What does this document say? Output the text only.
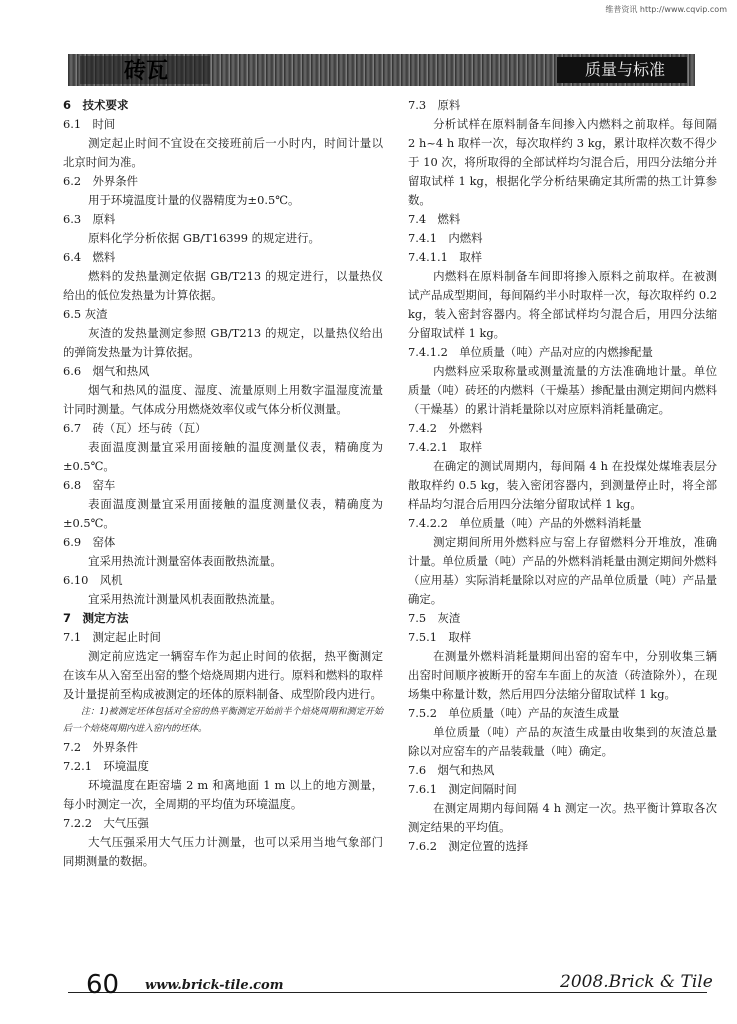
维普资讯 http://www.cqvip.com
砖瓦	质量与标准

6　技术要求

6.1　时间

测定起止时间不宜设在交接班前后一小时内，时间计量以北京时间为准。

6.2　外界条件

用于环境温度计量的仪器精度为±0.5℃。

6.3　原料

原料化学分析依据 GB/T16399 的规定进行。

6.4　燃料

燃料的发热量测定依据 GB/T213 的规定进行，以量热仪给出的低位发热量为计算依据。

6.5 灰渣

灰渣的发热量测定参照 GB/T213 的规定，以量热仪给出的弹筒发热量为计算依据。

6.6　烟气和热风

烟气和热风的温度、湿度、流量原则上用数字温湿度流量计同时测量。气体成分用燃烧效率仪或气体分析仪测量。

6.7　砖（瓦）坯与砖（瓦）

表面温度测量宜采用面接触的温度测量仪表，精确度为±0.5℃。

6.8　窑车

表面温度测量宜采用面接触的温度测量仪表，精确度为±0.5℃。

6.9　窑体

宜采用热流计测量窑体表面散热流量。

6.10　风机

宜采用热流计测量风机表面散热流量。

7　测定方法

7.1　测定起止时间

测定前应选定一辆窑车作为起止时间的依据，热平衡测定在该车从入窑至出窑的整个焙烧周期内进行。原料和燃料的取样及计量提前至构成被测定的坯体的原料制备、成型阶段内进行。

注：1)被测定坯体包括对全窑的热平衡测定开始前半个焙烧周期和测定开始后一个焙烧周期内进入窑内的坯体。

7.2　外界条件

7.2.1　环境温度

环境温度在距窑墙 2 m 和离地面 1 m 以上的地方测量，每小时测定一次，全周期的平均值为环境温度。

7.2.2　大气压强

大气压强采用大气压力计测量，也可以采用当地气象部门同期测量的数据。

7.3　原料

分析试样在原料制备车间掺入内燃料之前取样。每间隔 2 h~4 h 取样一次，每次取样约 3 kg，累计取样次数不得少于 10 次，将所取得的全部试样均匀混合后，用四分法缩分并留取试样 1 kg，根据化学分析结果确定其所需的热工计算参数。

7.4　燃料

7.4.1　内燃料

7.4.1.1　取样

内燃料在原料制备车间即将掺入原料之前取样。在被测试产品成型期间，每间隔约半小时取样一次，每次取样约 0.2 kg，装入密封容器内。将全部试样均匀混合后，用四分法缩分留取试样 1 kg。

7.4.1.2　单位质量（吨）产品对应的内燃掺配量

内燃料应采取称量或测量流量的方法准确地计量。单位质量（吨）砖坯的内燃料（干燥基）掺配量由测定期间内燃料（干燥基）的累计消耗量除以对应原料消耗量确定。

7.4.2　外燃料

7.4.2.1　取样

在确定的测试周期内，每间隔 4 h 在投煤处煤堆表层分散取样约 0.5 kg，装入密闭容器内，到测量停止时，将全部样品均匀混合后用四分法缩分留取试样 1 kg。

7.4.2.2　单位质量（吨）产品的外燃料消耗量

测定期间所用外燃料应与窑上存留燃料分开堆放，准确计量。单位质量（吨）产品的外燃料消耗量由测定期间外燃料（应用基）实际消耗量除以对应的产品单位质量（吨）产品量确定。

7.5　灰渣

7.5.1　取样

在测量外燃料消耗量期间出窑的窑车中，分别收集三辆出窑时间顺序被断开的窑车车面上的灰渣（砖渣除外），在现场集中称量计数，然后用四分法缩分留取试样 1 kg。

7.5.2　单位质量（吨）产品的灰渣生成量

单位质量（吨）产品的灰渣生成量由收集到的灰渣总量除以对应窑车的产品装载量（吨）确定。

7.6　烟气和热风

7.6.1　测定间隔时间

在测定周期内每间隔 4 h 测定一次。热平衡计算取各次测定结果的平均值。

7.6.2　测定位置的选择

60 www.brick-tile.com	2008.Brick & Tile
